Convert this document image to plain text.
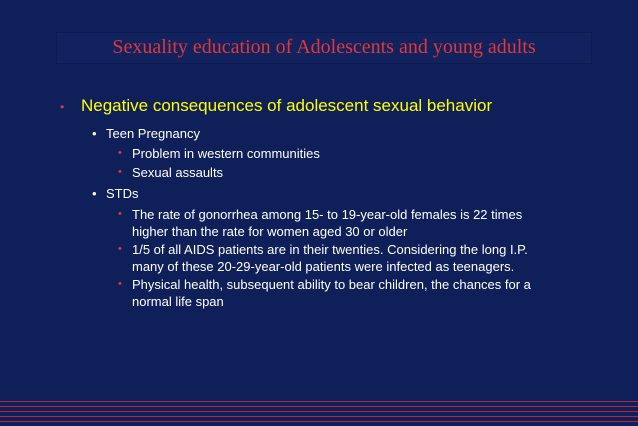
Sexuality education of Adolescents and young adults
• Negative consequences of adolescent sexual behavior
• Teen Pregnancy
• Problem in western communities
• Sexual assaults
• STDs
• The rate of gonorrhea among 15- to 19-year-old females is 22 times
higher than the rate for women aged 30 or older
• 1/5 of all AIDS patients are in their twenties. Considering the long I.P.
many of these 20-29-year-old patients were infected as teenagers.
• Physical health, subsequent ability to bear children, the chances for a
normal life span
